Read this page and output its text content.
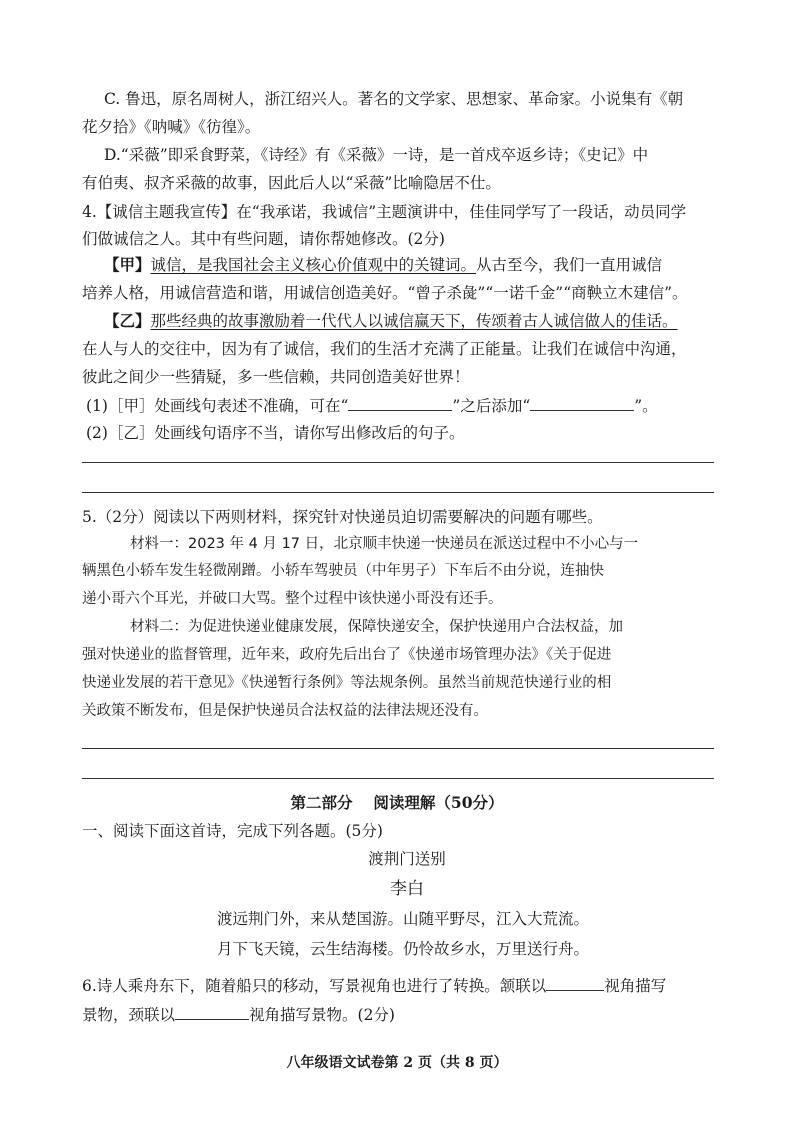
C. 鲁迅，原名周树人，浙江绍兴人。著名的文学家、思想家、革命家。小说集有《朝
花夕拾》《呐喊》《彷徨》。
D.“采薇”即采食野菜，《诗经》有《采薇》一诗，是一首戍卒返乡诗；《史记》中
有伯夷、叔齐采薇的故事，因此后人以“采薇”比喻隐居不仕。
4.【诚信主题我宣传】在“我承诺，我诚信”主题演讲中，佳佳同学写了一段话，动员同学
们做诚信之人。其中有些问题，请你帮她修改。(2分)
【甲】诚信，是我国社会主义核心价值观中的关键词。从古至今，我们一直用诚信
培养人格，用诚信营造和谐，用诚信创造美好。“曾子杀彘”“一诺千金”“商鞅立木建信”。
【乙】那些经典的故事激励着一代代人以诚信赢天下，传颂着古人诚信做人的佳话。
在人与人的交往中，因为有了诚信，我们的生活才充满了正能量。让我们在诚信中沟通，
彼此之间少一些猜疑，多一些信赖，共同创造美好世界！
(1)［甲］处画线句表述不准确，可在“	”之后添加“	”。
(2)［乙］处画线句语序不当，请你写出修改后的句子。
5.（2分）阅读以下两则材料，探究针对快递员迫切需要解决的问题有哪些。
材料一：2023 年 4 月 17 日，北京顺丰快递一快递员在派送过程中不小心与一
辆黑色小轿车发生轻微剐蹭。小轿车驾驶员（中年男子）下车后不由分说，连抽快
递小哥六个耳光，并破口大骂。整个过程中该快递小哥没有还手。
材料二：为促进快递业健康发展，保障快递安全，保护快递用户合法权益，加
强对快递业的监督管理，近年来，政府先后出台了《快递市场管理办法》《关于促进
快递业发展的若干意见》《快递暂行条例》等法规条例。虽然当前规范快递行业的相
关政策不断发布，但是保护快递员合法权益的法律法规还没有。
第二部分　 阅读理解（50分）
一、阅读下面这首诗，完成下列各题。(5分)
渡荆门送别
李白
渡远荆门外，来从楚国游。山随平野尽，江入大荒流。
月下飞天镜，云生结海楼。仍怜故乡水，万里送行舟。
6.诗人乘舟东下，随着船只的移动，写景视角也进行了转换。颔联以	视角描写
景物，颈联以	视角描写景物。(2分)
八年级语文试卷第 2 页（共 8 页）
